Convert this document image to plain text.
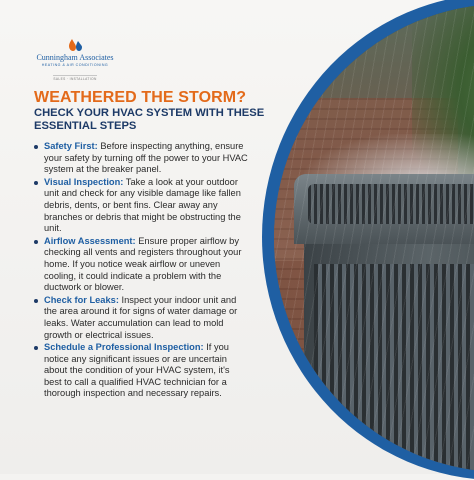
Cunningham Associates
HEATING & AIR CONDITIONING
SALES · INSTALLATION
WEATHERED THE STORM?
CHECK YOUR HVAC SYSTEM WITH THESE ESSENTIAL STEPS
Safety First: Before inspecting anything, ensure your safety by turning off the power to your HVAC system at the breaker panel.
Visual Inspection: Take a look at your outdoor unit and check for any visible damage like fallen debris, dents, or bent fins. Clear away any branches or debris that might be obstructing the unit.
Airflow Assessment: Ensure proper airflow by checking all vents and registers throughout your home. If you notice weak airflow or uneven cooling, it could indicate a problem with the ductwork or blower.
Check for Leaks: Inspect your indoor unit and the area around it for signs of water damage or leaks. Water accumulation can lead to mold growth or electrical issues.
Schedule a Professional Inspection: If you notice any significant issues or are uncertain about the condition of your HVAC system, it's best to call a qualified HVAC technician for a thorough inspection and necessary repairs.
